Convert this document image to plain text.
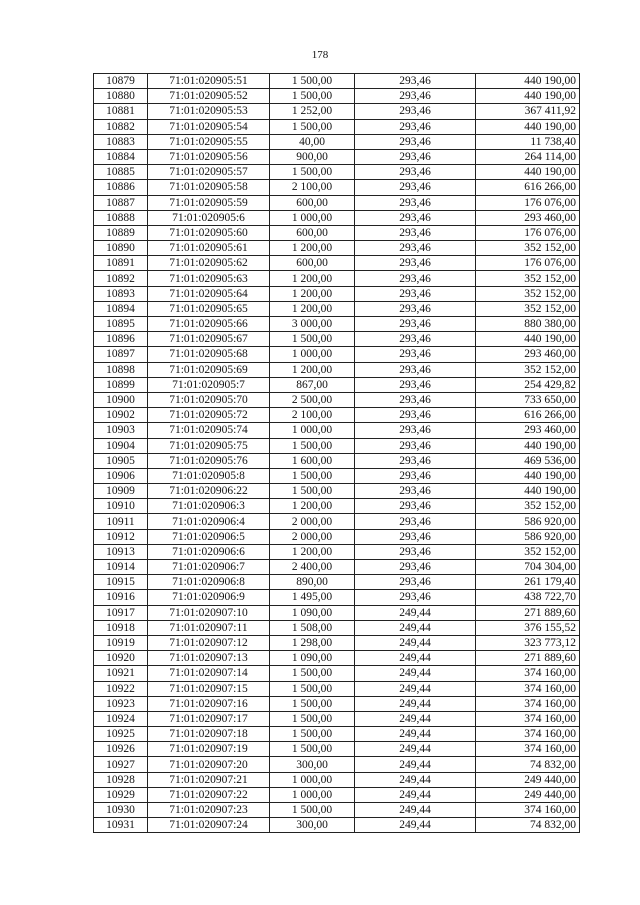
178
10879	71:01:020905:51	1 500,00	293,46	440 190,00
10880	71:01:020905:52	1 500,00	293,46	440 190,00
10881	71:01:020905:53	1 252,00	293,46	367 411,92
10882	71:01:020905:54	1 500,00	293,46	440 190,00
10883	71:01:020905:55	40,00	293,46	11 738,40
10884	71:01:020905:56	900,00	293,46	264 114,00
10885	71:01:020905:57	1 500,00	293,46	440 190,00
10886	71:01:020905:58	2 100,00	293,46	616 266,00
10887	71:01:020905:59	600,00	293,46	176 076,00
10888	71:01:020905:6	1 000,00	293,46	293 460,00
10889	71:01:020905:60	600,00	293,46	176 076,00
10890	71:01:020905:61	1 200,00	293,46	352 152,00
10891	71:01:020905:62	600,00	293,46	176 076,00
10892	71:01:020905:63	1 200,00	293,46	352 152,00
10893	71:01:020905:64	1 200,00	293,46	352 152,00
10894	71:01:020905:65	1 200,00	293,46	352 152,00
10895	71:01:020905:66	3 000,00	293,46	880 380,00
10896	71:01:020905:67	1 500,00	293,46	440 190,00
10897	71:01:020905:68	1 000,00	293,46	293 460,00
10898	71:01:020905:69	1 200,00	293,46	352 152,00
10899	71:01:020905:7	867,00	293,46	254 429,82
10900	71:01:020905:70	2 500,00	293,46	733 650,00
10902	71:01:020905:72	2 100,00	293,46	616 266,00
10903	71:01:020905:74	1 000,00	293,46	293 460,00
10904	71:01:020905:75	1 500,00	293,46	440 190,00
10905	71:01:020905:76	1 600,00	293,46	469 536,00
10906	71:01:020905:8	1 500,00	293,46	440 190,00
10909	71:01:020906:22	1 500,00	293,46	440 190,00
10910	71:01:020906:3	1 200,00	293,46	352 152,00
10911	71:01:020906:4	2 000,00	293,46	586 920,00
10912	71:01:020906:5	2 000,00	293,46	586 920,00
10913	71:01:020906:6	1 200,00	293,46	352 152,00
10914	71:01:020906:7	2 400,00	293,46	704 304,00
10915	71:01:020906:8	890,00	293,46	261 179,40
10916	71:01:020906:9	1 495,00	293,46	438 722,70
10917	71:01:020907:10	1 090,00	249,44	271 889,60
10918	71:01:020907:11	1 508,00	249,44	376 155,52
10919	71:01:020907:12	1 298,00	249,44	323 773,12
10920	71:01:020907:13	1 090,00	249,44	271 889,60
10921	71:01:020907:14	1 500,00	249,44	374 160,00
10922	71:01:020907:15	1 500,00	249,44	374 160,00
10923	71:01:020907:16	1 500,00	249,44	374 160,00
10924	71:01:020907:17	1 500,00	249,44	374 160,00
10925	71:01:020907:18	1 500,00	249,44	374 160,00
10926	71:01:020907:19	1 500,00	249,44	374 160,00
10927	71:01:020907:20	300,00	249,44	74 832,00
10928	71:01:020907:21	1 000,00	249,44	249 440,00
10929	71:01:020907:22	1 000,00	249,44	249 440,00
10930	71:01:020907:23	1 500,00	249,44	374 160,00
10931	71:01:020907:24	300,00	249,44	74 832,00
